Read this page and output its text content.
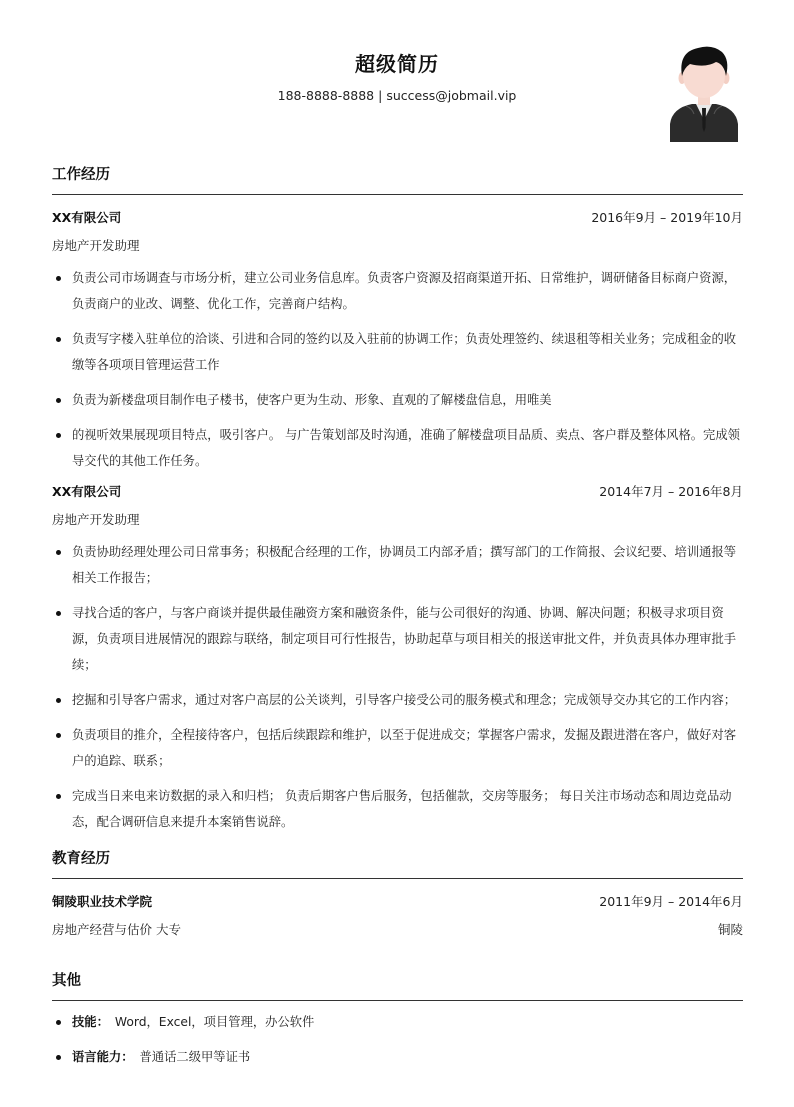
超级简历
188-8888-8888 | success@jobmail.vip
工作经历
XX有限公司	2016年9月 – 2019年10月
房地产开发助理
负责公司市场调查与市场分析，建立公司业务信息库。负责客户资源及招商渠道开拓、日常维护，调研储备目标商户资源，负责商户的业改、调整、优化工作，完善商户结构。
负责写字楼入驻单位的洽谈、引进和合同的签约以及入驻前的协调工作；负责处理签约、续退租等相关业务；完成租金的收缴等各项项目管理运营工作
负责为新楼盘项目制作电子楼书，使客户更为生动、形象、直观的了解楼盘信息，用唯美
的视听效果展现项目特点，吸引客户。 与广告策划部及时沟通，准确了解楼盘项目品质、卖点、客户群及整体风格。完成领导交代的其他工作任务。
XX有限公司	2014年7月 – 2016年8月
房地产开发助理
负责协助经理处理公司日常事务；积极配合经理的工作，协调员工内部矛盾；撰写部门的工作简报、会议纪要、培训通报等相关工作报告；
寻找合适的客户，与客户商谈并提供最佳融资方案和融资条件，能与公司很好的沟通、协调、解决问题；积极寻求项目资源，负责项目进展情况的跟踪与联络，制定项目可行性报告，协助起草与项目相关的报送审批文件，并负责具体办理审批手续；
挖掘和引导客户需求，通过对客户高层的公关谈判，引导客户接受公司的服务模式和理念；完成领导交办其它的工作内容；
负责项目的推介，全程接待客户，包括后续跟踪和维护，以至于促进成交；掌握客户需求，发掘及跟进潜在客户，做好对客户的追踪、联系；
完成当日来电来访数据的录入和归档； 负责后期客户售后服务，包括催款，交房等服务； 每日关注市场动态和周边竞品动态，配合调研信息来提升本案销售说辞。
教育经历
铜陵职业技术学院	2011年9月 – 2014年6月
房地产经营与估价 大专	铜陵
其他
技能： Word，Excel，项目管理，办公软件
语言能力： 普通话二级甲等证书
